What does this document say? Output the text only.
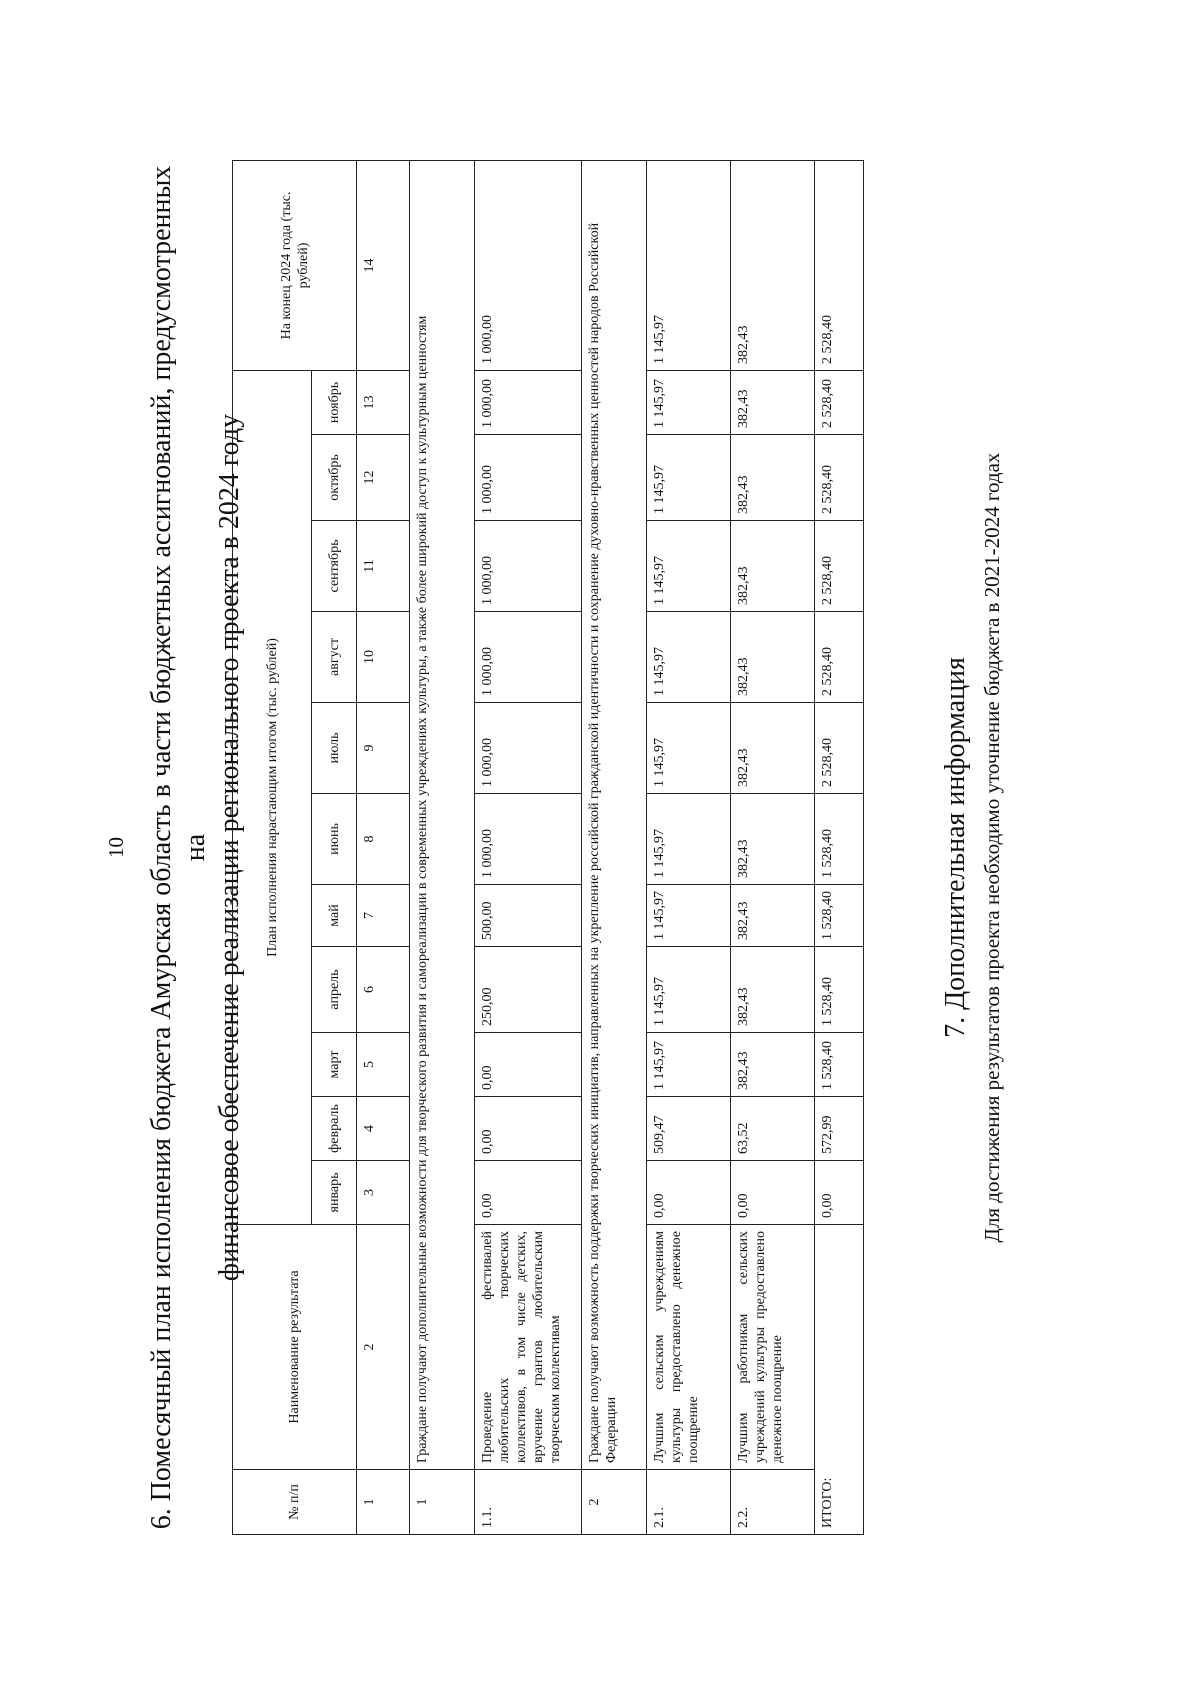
10 6. Помесячный план исполнения бюджета Амурская область в части бюджетных ассигнований, предусмотренных на финансовое обеспечение реализации регионального проекта в 2024 году
№ п/п	Наименование результата	План исполнения нарастающим итогом (тыс. рублей)											На конец 2024 года (тыс. рублей)
		январь	февраль	март	апрель	май	июнь	июль	август	сентябрь	октябрь	ноябрь	
1	2	3	4	5	6	7	8	9	10	11	12	13	14
1	Граждане получают дополнительные возможности для творческого развития и самореализации в современных учреждениях культуры, а также более широкий доступ к культурным ценностям												
1.1.	Проведение фестивалей любительских творческих коллективов, в том числе детских, вручение грантов любительским творческим коллективам	0,00	0,00	0,00	250,00	500,00	1 000,00	1 000,00	1 000,00	1 000,00	1 000,00	1 000,00	1 000,00
2	Граждане получают возможность поддержки творческих инициатив, направленных на укрепление российской гражданской идентичности и сохранение духовно-нравственных ценностей народов Российской Федерации												
2.1.	Лучшим сельским учреждениям культуры предоставлено денежное поощрение	0,00	509,47	1 145,97	1 145,97	1 145,97	1 145,97	1 145,97	1 145,97	1 145,97	1 145,97	1 145,97	1 145,97
2.2.	Лучшим работникам сельских учреждений культуры предоставлено денежное поощрение	0,00	63,52	382,43	382,43	382,43	382,43	382,43	382,43	382,43	382,43	382,43	382,43
ИТОГО:		0,00	572,99	1 528,40	1 528,40	1 528,40	1 528,40	2 528,40	2 528,40	2 528,40	2 528,40	2 528,40	2 528,40
7. Дополнительная информация Для достижения результатов проекта необходимо уточнение бюджета в 2021-2024 годах
